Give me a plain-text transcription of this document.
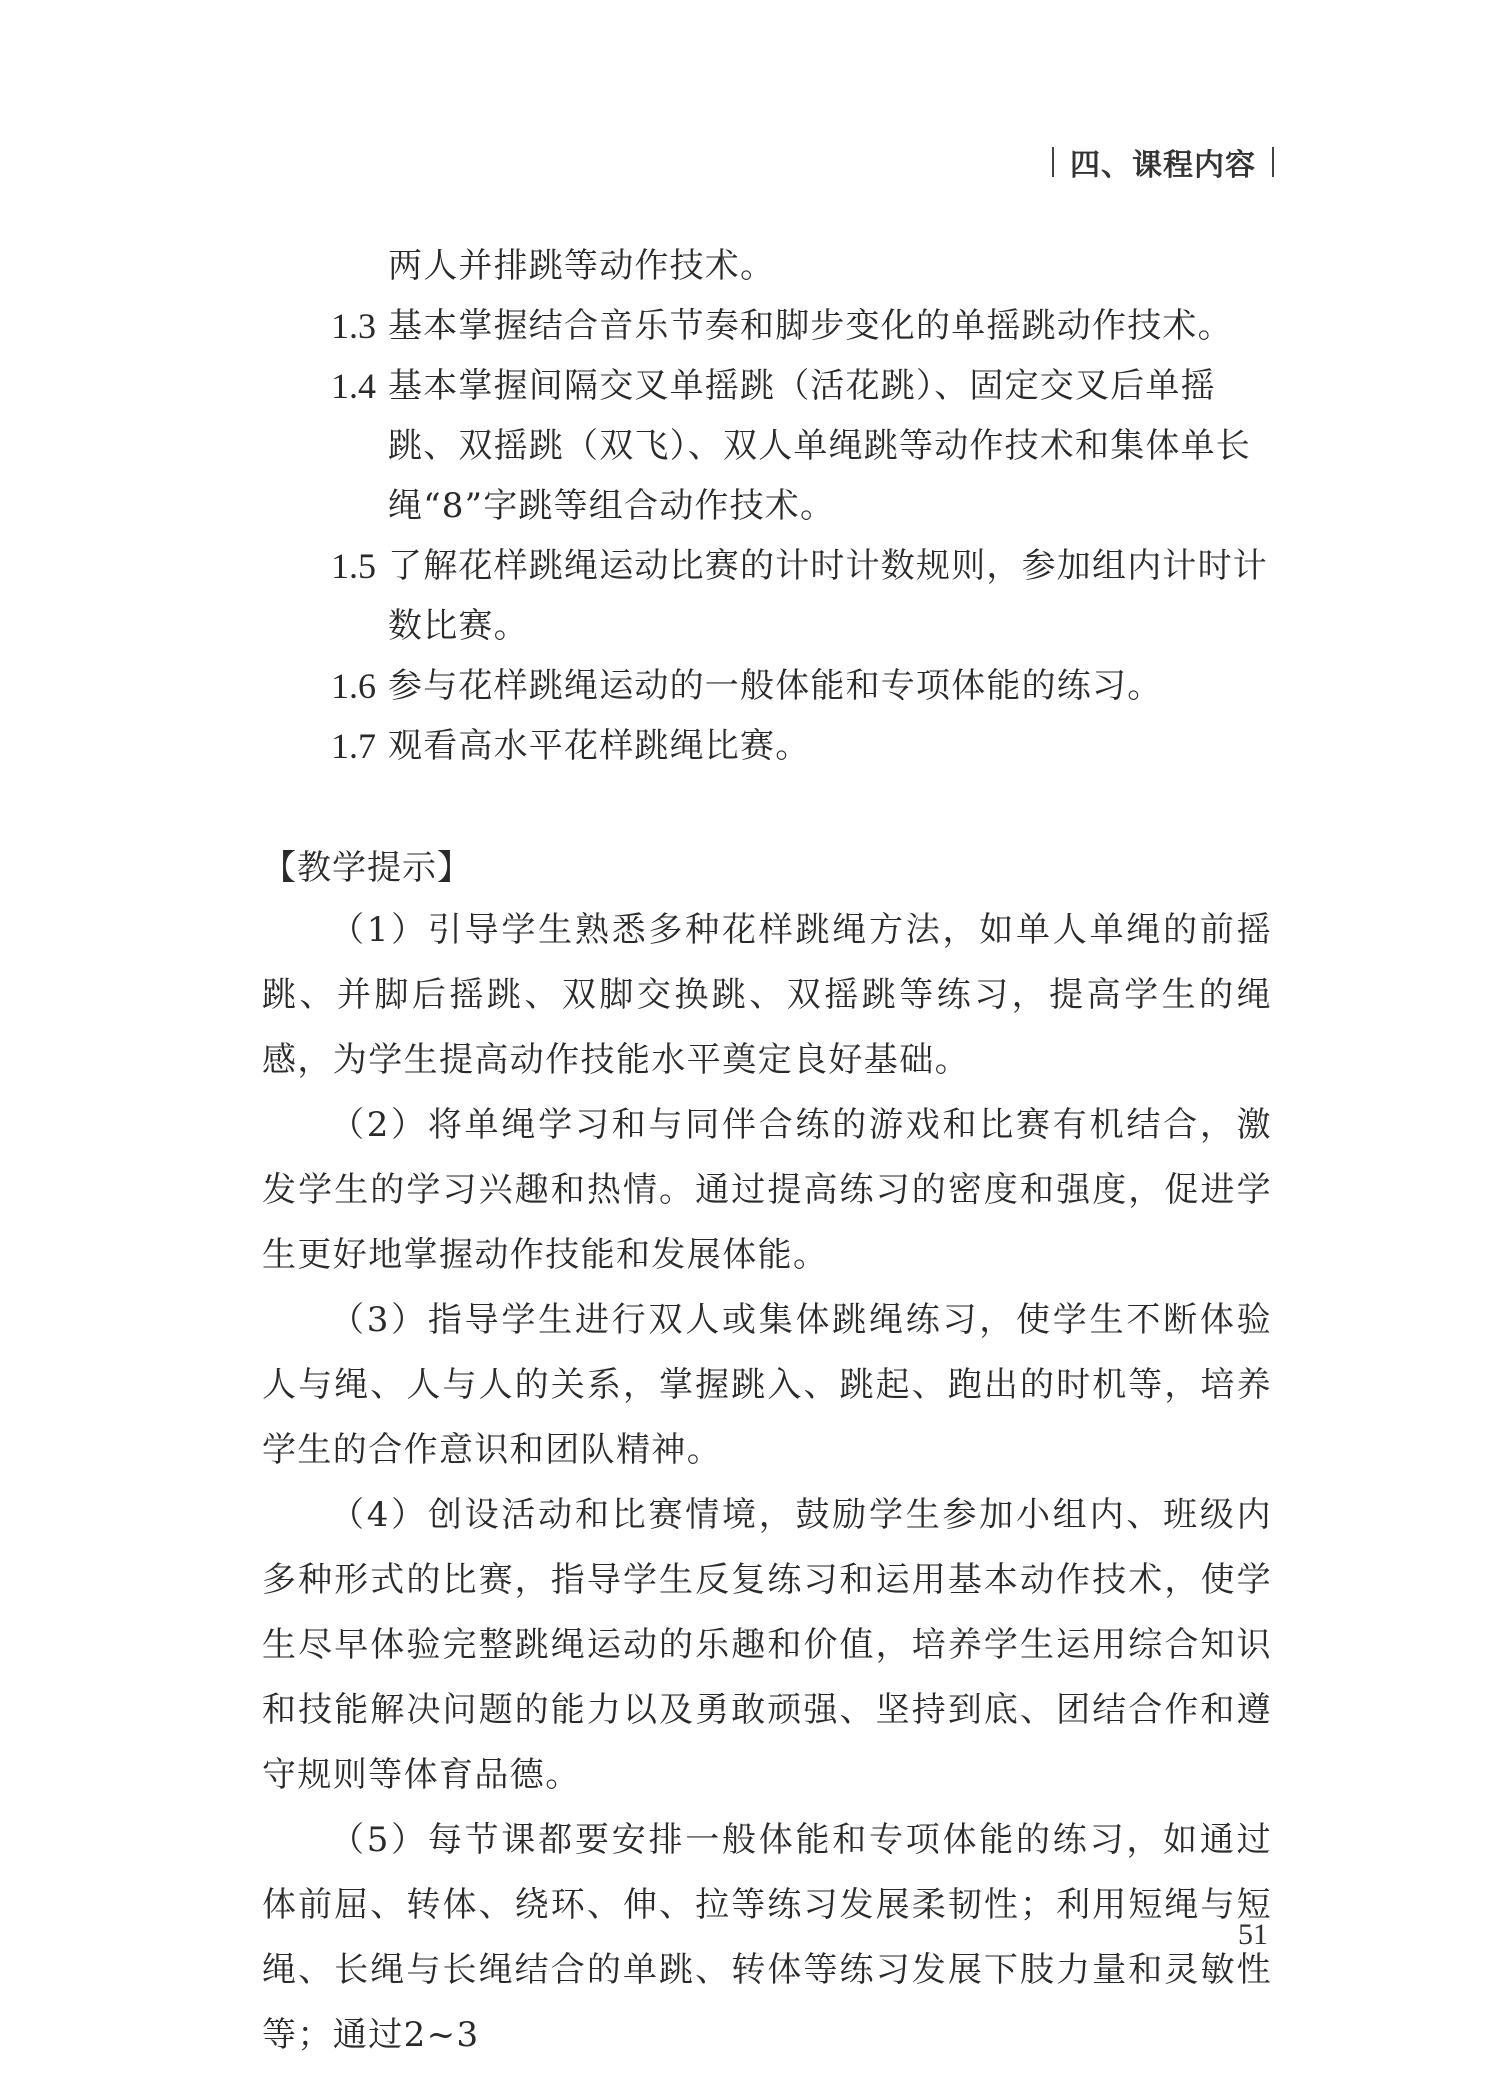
四、课程内容
两人并排跳等动作技术。
1.3 基本掌握结合音乐节奏和脚步变化的单摇跳动作技术。
1.4 基本掌握间隔交叉单摇跳（活花跳）、固定交叉后单摇跳、双摇跳（双飞）、双人单绳跳等动作技术和集体单长绳“8”字跳等组合动作技术。
1.5 了解花样跳绳运动比赛的计时计数规则，参加组内计时计数比赛。
1.6 参与花样跳绳运动的一般体能和专项体能的练习。
1.7 观看高水平花样跳绳比赛。
【教学提示】

（1）引导学生熟悉多种花样跳绳方法，如单人单绳的前摇跳、并脚后摇跳、双脚交换跳、双摇跳等练习，提高学生的绳感，为学生提高动作技能水平奠定良好基础。

（2）将单绳学习和与同伴合练的游戏和比赛有机结合，激发学生的学习兴趣和热情。通过提高练习的密度和强度，促进学生更好地掌握动作技能和发展体能。

（3）指导学生进行双人或集体跳绳练习，使学生不断体验人与绳、人与人的关系，掌握跳入、跳起、跑出的时机等，培养学生的合作意识和团队精神。

（4）创设活动和比赛情境，鼓励学生参加小组内、班级内多种形式的比赛，指导学生反复练习和运用基本动作技术，使学生尽早体验完整跳绳运动的乐趣和价值，培养学生运用综合知识和技能解决问题的能力以及勇敢顽强、坚持到底、团结合作和遵守规则等体育品德。

（5）每节课都要安排一般体能和专项体能的练习，如通过体前屈、转体、绕环、伸、拉等练习发展柔韧性；利用短绳与短绳、长绳与长绳结合的单跳、转体等练习发展下肢力量和灵敏性等；通过2~3

51
